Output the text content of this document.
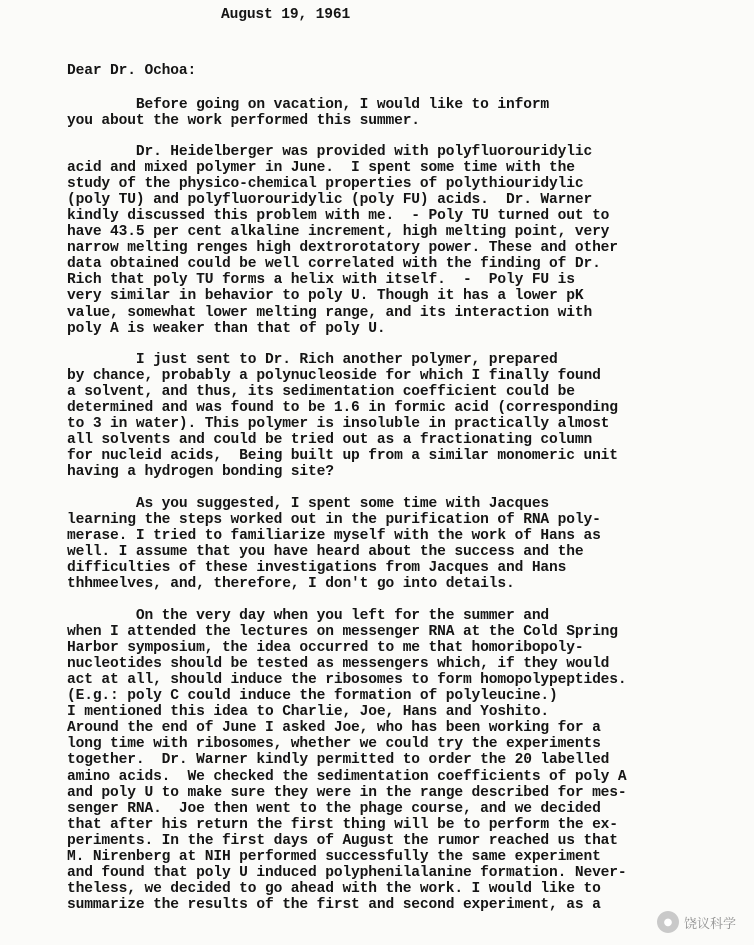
August 19, 1961

Dear Dr. Ochoa:

Before going on vacation, I would like to inform
you about the work performed this summer.

Dr. Heidelberger was provided with polyfluorouridylic
acid and mixed polymer in June.  I spent some time with the
study of the physico-chemical properties of polythiouridylic
(poly TU) and polyfluorouridylic (poly FU) acids.  Dr. Warner
kindly discussed this problem with me.  - Poly TU turned out to
have 43.5 per cent alkaline increment, high melting point, very
narrow melting renges high dextrorotatory power. These and other
data obtained could be well correlated with the finding of Dr.
Rich that poly TU forms a helix with itself.  -  Poly FU is
very similar in behavior to poly U. Though it has a lower pK
value, somewhat lower melting range, and its interaction with
poly A is weaker than that of poly U.

I just sent to Dr. Rich another polymer, prepared
by chance, probably a polynucleoside for which I finally found
a solvent, and thus, its sedimentation coefficient could be
determined and was found to be 1.6 in formic acid (corresponding
to 3 in water). This polymer is insoluble in practically almost
all solvents and could be tried out as a fractionating column
for nucleid acids,  Being built up from a similar monomeric unit
having a hydrogen bonding site?

As you suggested, I spent some time with Jacques
learning the steps worked out in the purification of RNA poly-
merase. I tried to familiarize myself with the work of Hans as
well. I assume that you have heard about the success and the
difficulties of these investigations from Jacques and Hans
thhmeelves, and, therefore, I don't go into details.

On the very day when you left for the summer and
when I attended the lectures on messenger RNA at the Cold Spring
Harbor symposium, the idea occurred to me that homoribopoly-
nucleotides should be tested as messengers which, if they would
act at all, should induce the ribosomes to form homopolypeptides.
(E.g.: poly C could induce the formation of polyleucine.)
I mentioned this idea to Charlie, Joe, Hans and Yoshito.
Around the end of June I asked Joe, who has been working for a
long time with ribosomes, whether we could try the experiments
together.  Dr. Warner kindly permitted to order the 20 labelled
amino acids.  We checked the sedimentation coefficients of poly A
and poly U to make sure they were in the range described for mes-
senger RNA.  Joe then went to the phage course, and we decided
that after his return the first thing will be to perform the ex-
periments. In the first days of August the rumor reached us that
M. Nirenberg at NIH performed successfully the same experiment
and found that poly U induced polyphenilalanine formation. Never-
theless, we decided to go ahead with the work. I would like to
summarize the results of the first and second experiment, as a

● 饶议科学
